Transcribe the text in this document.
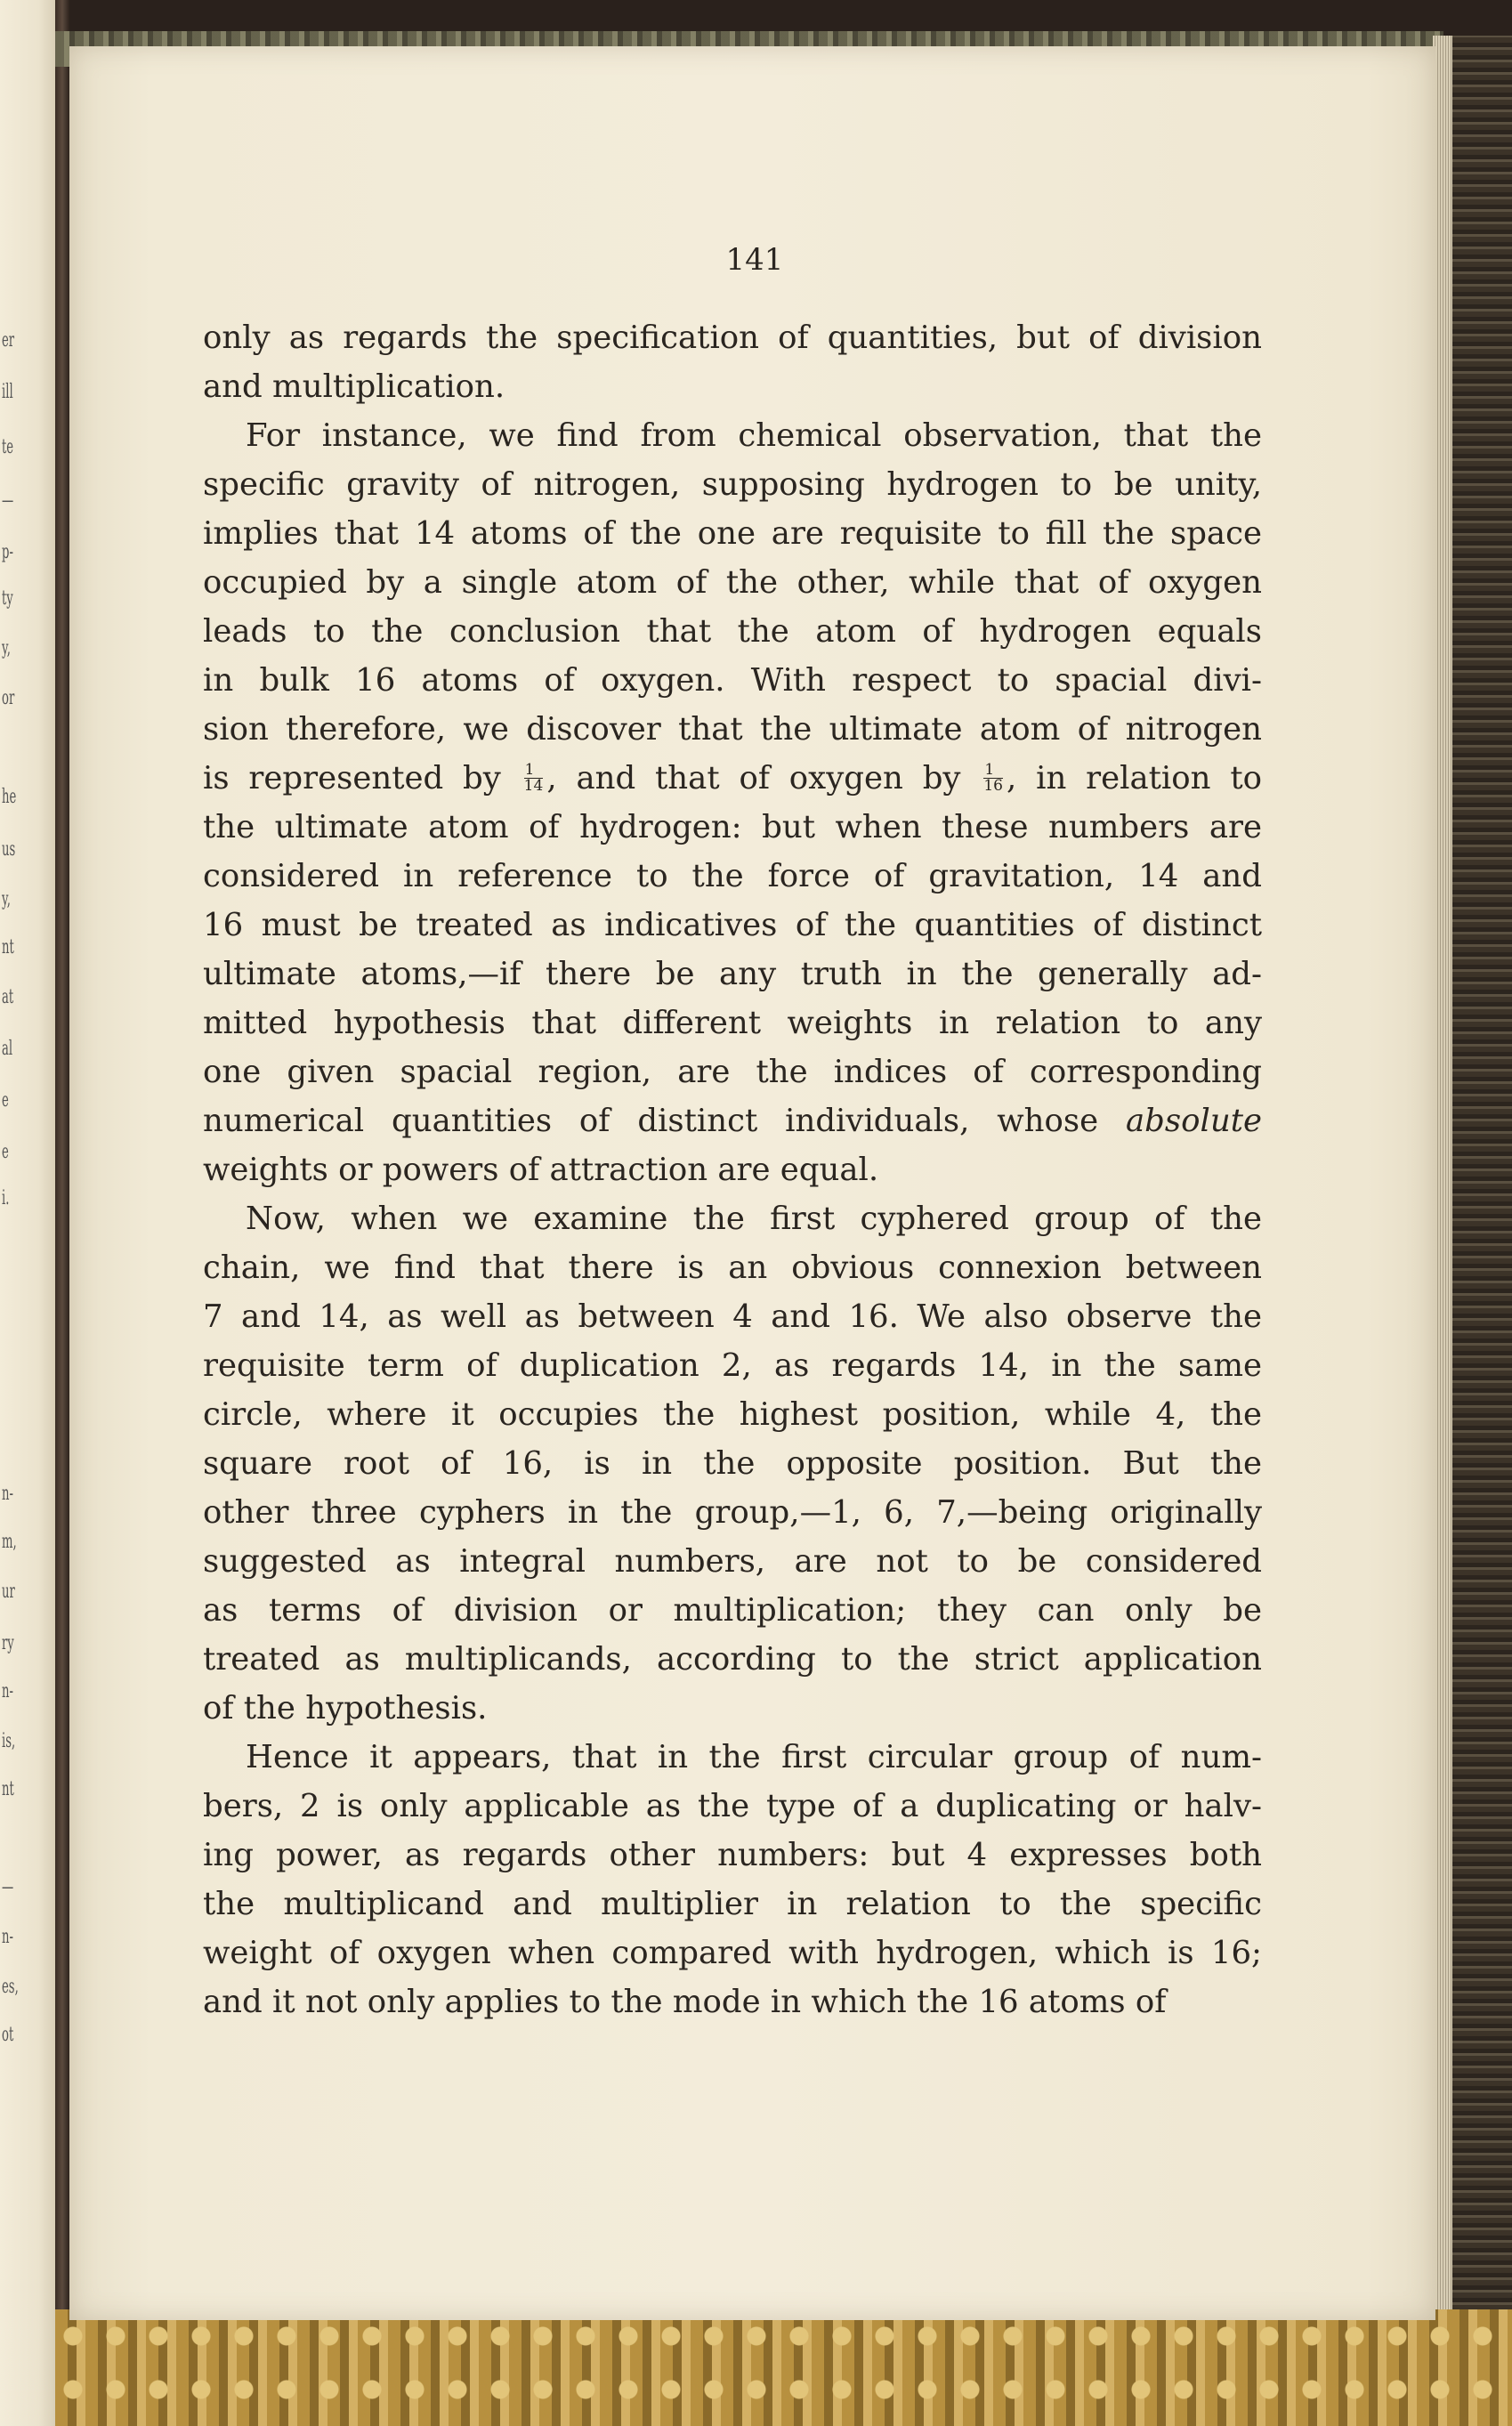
er
ill
te
—
p-
ty
y,
or
he
us
y,
nt
at
al
e
e
i.
n-
m,
ur
ry
n-
is,
nt
—
n-
es,
ot
141
only as regards the specification of quantities, but of division
and multiplication.
For instance, we find from chemical observation, that the
specific gravity of nitrogen, supposing hydrogen to be unity,
implies that 14 atoms of the one are requisite to fill the space
occupied by a single atom of the other, while that of oxygen
leads to the conclusion that the atom of hydrogen equals
in bulk 16 atoms of oxygen. With respect to spacial divi-
sion therefore, we discover that the ultimate atom of nitrogen
is represented by $\frac{1}{14}$ , and that of oxygen by $\frac{1}{16}$ , in relation to
the ultimate atom of hydrogen: but when these numbers are
considered in reference to the force of gravitation, 14 and
16 must be treated as indicatives of the quantities of distinct
ultimate atoms,—if there be any truth in the generally ad-
mitted hypothesis that different weights in relation to any
one given spacial region, are the indices of corresponding
numerical quantities of distinct individuals, whose absolute
weights or powers of attraction are equal.
Now, when we examine the first cyphered group of the
chain, we find that there is an obvious connexion between
7 and 14, as well as between 4 and 16. We also observe the
requisite term of duplication 2, as regards 14, in the same
circle, where it occupies the highest position, while 4, the
square root of 16, is in the opposite position. But the
other three cyphers in the group,—1, 6, 7,—being originally
suggested as integral numbers, are not to be considered
as terms of division or multiplication; they can only be
treated as multiplicands, according to the strict application
of the hypothesis.
Hence it appears, that in the first circular group of num-
bers, 2 is only applicable as the type of a duplicating or halv-
ing power, as regards other numbers: but 4 expresses both
the multiplicand and multiplier in relation to the specific
weight of oxygen when compared with hydrogen, which is 16;
and it not only applies to the mode in which the 16 atoms of
